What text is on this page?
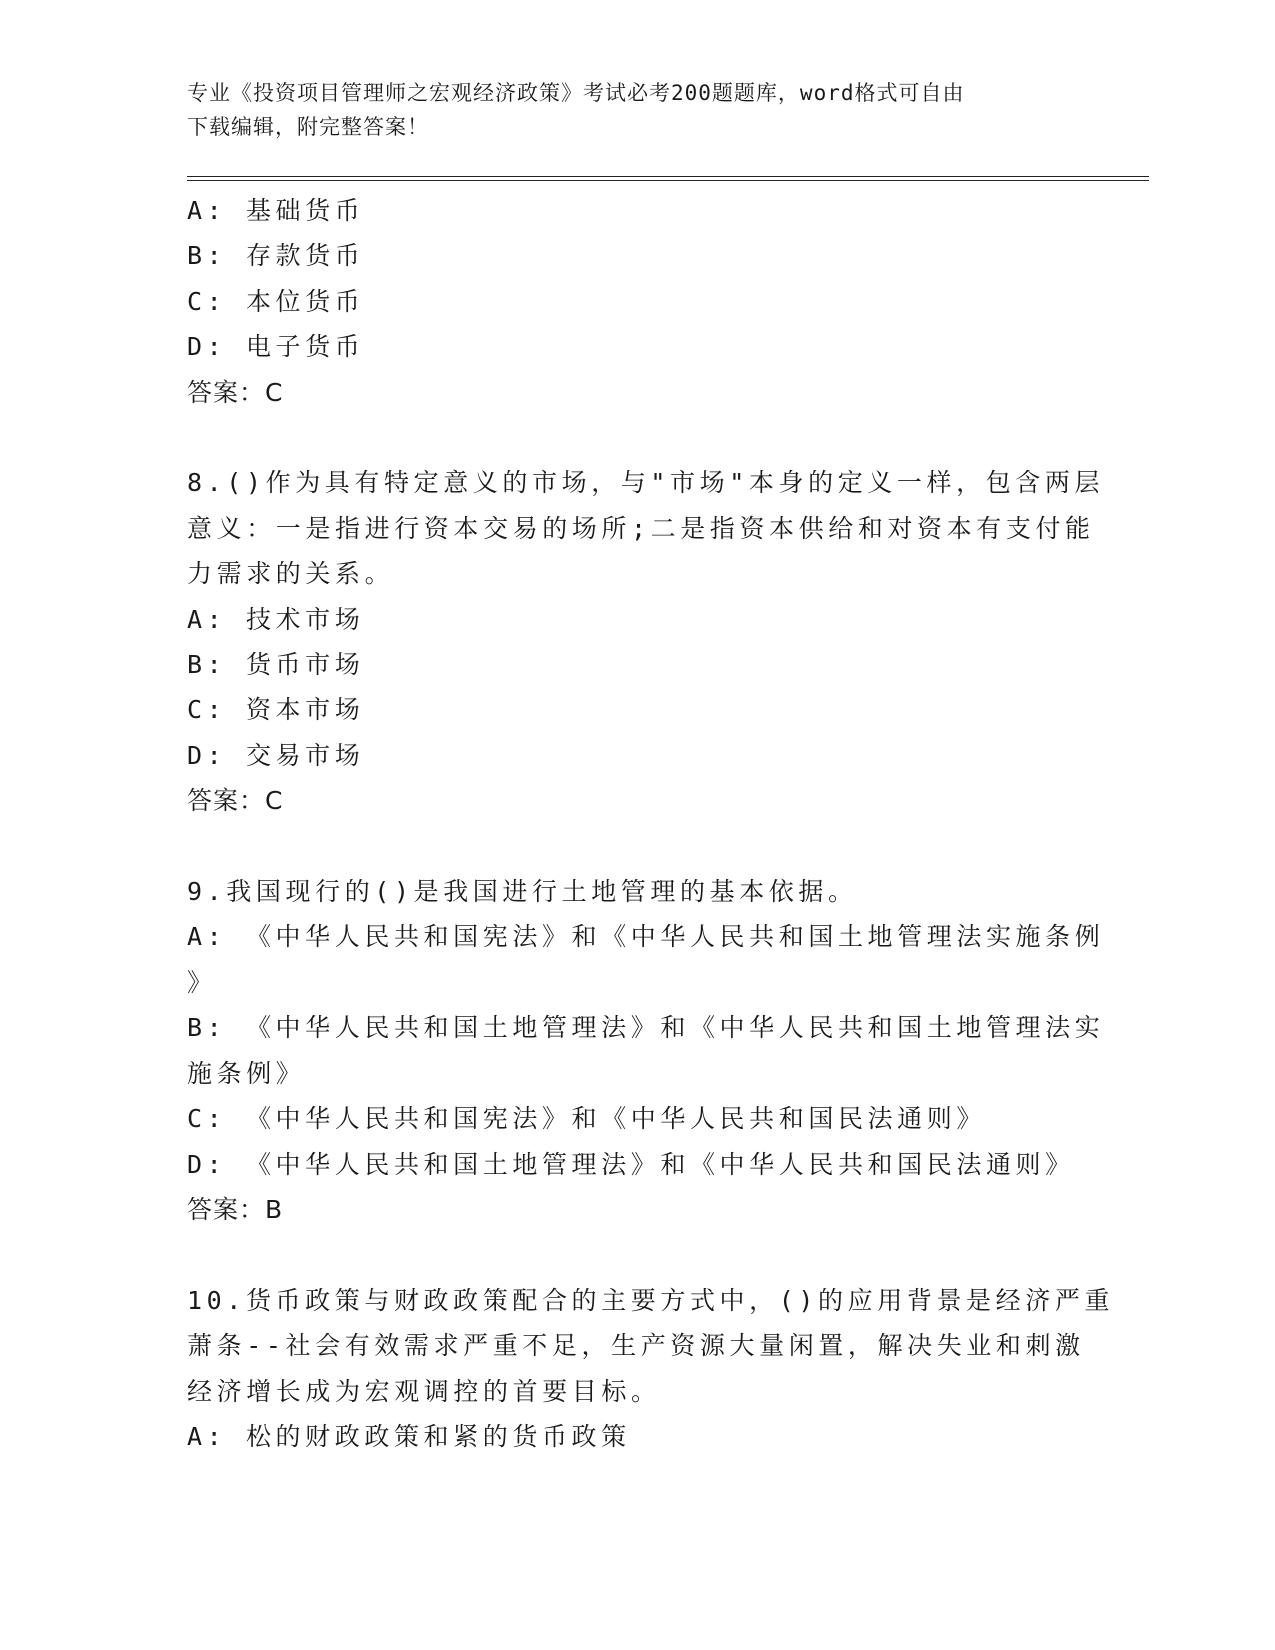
专业《投资项目管理师之宏观经济政策》考试必考200题题库，word格式可自由
下载编辑，附完整答案！
A: 基础货币
B: 存款货币
C: 本位货币
D: 电子货币
答案：C
8.()作为具有特定意义的市场，与"市场"本身的定义一样，包含两层
意义：一是指进行资本交易的场所;二是指资本供给和对资本有支付能
力需求的关系。
A: 技术市场
B: 货币市场
C: 资本市场
D: 交易市场
答案：C
9.我国现行的()是我国进行土地管理的基本依据。
A: 《中华人民共和国宪法》和《中华人民共和国土地管理法实施条例
》
B: 《中华人民共和国土地管理法》和《中华人民共和国土地管理法实
施条例》
C: 《中华人民共和国宪法》和《中华人民共和国民法通则》
D: 《中华人民共和国土地管理法》和《中华人民共和国民法通则》
答案：B
10.货币政策与财政政策配合的主要方式中，()的应用背景是经济严重
萧条--社会有效需求严重不足，生产资源大量闲置，解决失业和刺激
经济增长成为宏观调控的首要目标。
A: 松的财政政策和紧的货币政策
